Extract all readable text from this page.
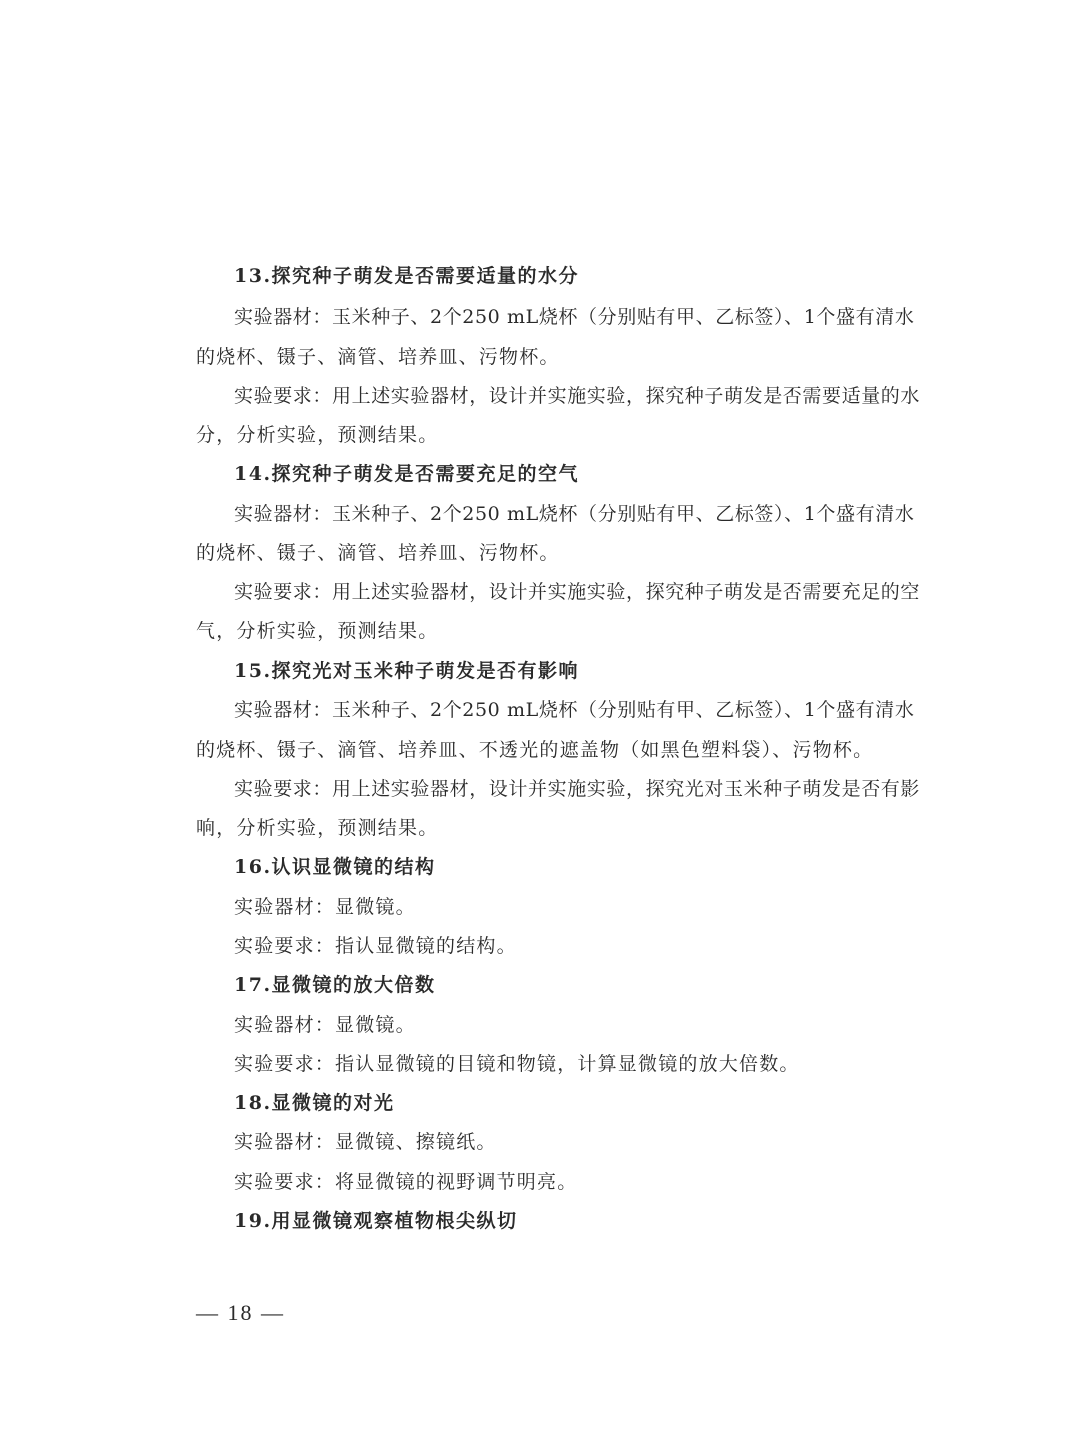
13.探究种子萌发是否需要适量的水分
实验器材：玉米种子、2个250 mL烧杯（分别贴有甲、乙标签）、1个盛有清水
的烧杯、镊子、滴管、培养皿、污物杯。
实验要求：用上述实验器材，设计并实施实验，探究种子萌发是否需要适量的水
分，分析实验，预测结果。
14.探究种子萌发是否需要充足的空气
实验器材：玉米种子、2个250 mL烧杯（分别贴有甲、乙标签）、1个盛有清水
的烧杯、镊子、滴管、培养皿、污物杯。
实验要求：用上述实验器材，设计并实施实验，探究种子萌发是否需要充足的空
气，分析实验，预测结果。
15.探究光对玉米种子萌发是否有影响
实验器材：玉米种子、2个250 mL烧杯（分别贴有甲、乙标签）、1个盛有清水
的烧杯、镊子、滴管、培养皿、不透光的遮盖物（如黑色塑料袋）、污物杯。
实验要求：用上述实验器材，设计并实施实验，探究光对玉米种子萌发是否有影
响，分析实验，预测结果。
16.认识显微镜的结构
实验器材：显微镜。
实验要求：指认显微镜的结构。
17.显微镜的放大倍数
实验器材：显微镜。
实验要求：指认显微镜的目镜和物镜，计算显微镜的放大倍数。
18.显微镜的对光
实验器材：显微镜、擦镜纸。
实验要求：将显微镜的视野调节明亮。
19.用显微镜观察植物根尖纵切
— 18 —
